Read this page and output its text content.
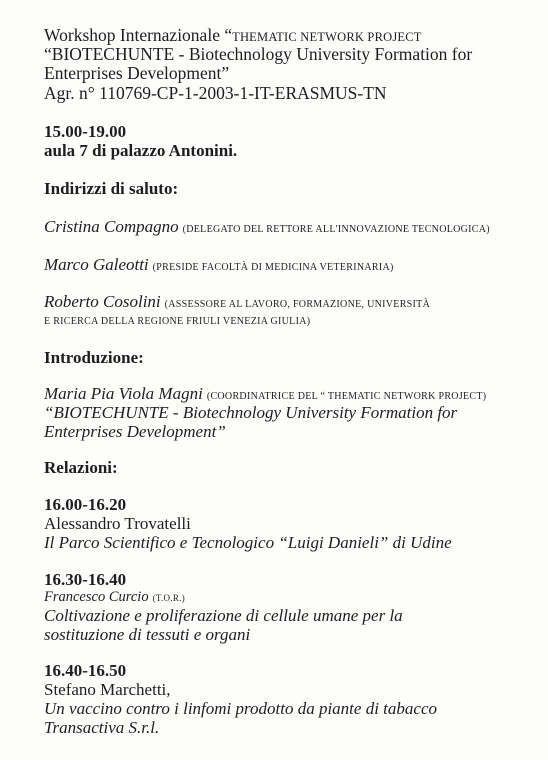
Workshop Internazionale “THEMATIC NETWORK PROJECT
“BIOTECHUNTE - Biotechnology University Formation for
Enterprises Development”
Agr. n° 110769-CP-1-2003-1-IT-ERASMUS-TN
15.00-19.00
aula 7 di palazzo Antonini.
Indirizzi di saluto:
Cristina Compagno (DELEGATO DEL RETTORE ALL'INNOVAZIONE TECNOLOGICA)
Marco Galeotti (PRESIDE FACOLTÀ DI MEDICINA VETERINARIA)
Roberto Cosolini (ASSESSORE AL LAVORO, FORMAZIONE, UNIVERSITÀ
E RICERCA DELLA REGIONE FRIULI VENEZIA GIULIA)
Introduzione:
Maria Pia Viola Magni (COORDINATRICE DEL “ THEMATIC NETWORK PROJECT)
“BIOTECHUNTE - Biotechnology University Formation for
Enterprises Development”
Relazioni:
16.00-16.20
Alessandro Trovatelli
Il Parco Scientifico e Tecnologico “Luigi Danieli” di Udine
16.30-16.40
Francesco Curcio (T.O.R.)
Coltivazione e proliferazione di cellule umane per la
sostituzione di tessuti e organi
16.40-16.50
Stefano Marchetti,
Un vaccino contro i linfomi prodotto da piante di tabacco
Transactiva S.r.l.
